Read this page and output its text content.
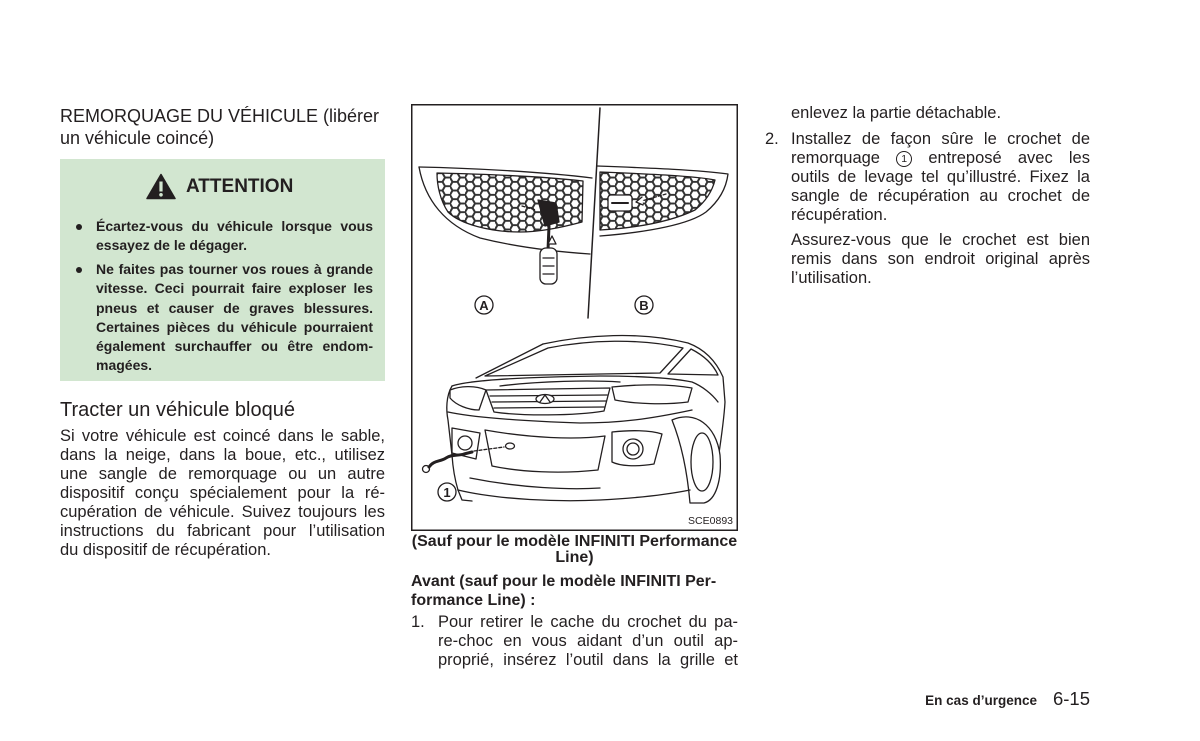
REMORQUAGE DU VÉHICULE (libérer
un véhicule coincé)
ATTENTION
Écartez-vous du véhicule lorsque vous
essayez de le dégager.
Ne faites pas tourner vos roues à grande
vitesse. Ceci pourrait faire exploser les
pneus et causer de graves blessures.
Certaines pièces du véhicule pourraient
également surchauffer ou être endom-
magées.
Tracter un véhicule bloqué
Si votre véhicule est coincé dans le sable,
dans la neige, dans la boue, etc., utilisez
une sangle de remorquage ou un autre
dispositif conçu spécialement pour la ré-
cupération de véhicule. Suivez toujours les
instructions du fabricant pour l’utilisation
du dispositif de récupération.
A	B
1
SCE0893
(Sauf pour le modèle INFINITI Performance
Line)
Avant (sauf pour le modèle INFINITI Per-
formance Line) :
1. Pour retirer le cache du crochet du pa-
re-choc en vous aidant d’un outil ap-
proprié, insérez l’outil dans la grille et
enlevez la partie détachable.
2. Installez de façon sûre le crochet de
remorquage 1 entreposé avec les
outils de levage tel qu’illustré. Fixez la
sangle de récupération au crochet de
récupération.
Assurez-vous que le crochet est bien
remis dans son endroit original après
l’utilisation.
En cas d’urgence 6-15
